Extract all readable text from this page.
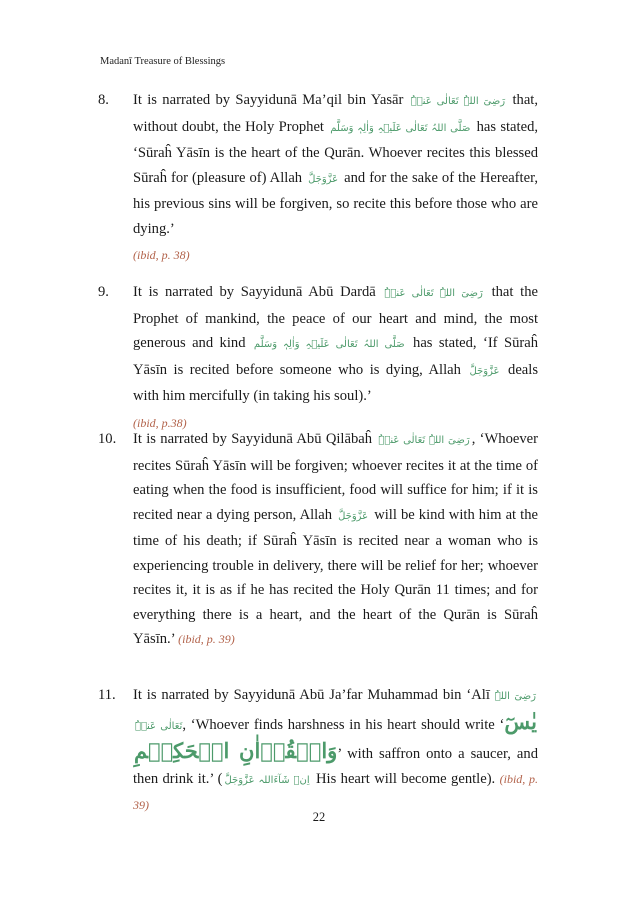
Madanī Treasure of Blessings
8. It is narrated by Sayyidunā Ma’qil bin Yasār رَضِیَ اللہُ تَعَالٰی عَنۡہُ that, without doubt, the Holy Prophet صَلَّی اللہُ تَعَالٰی عَلَیۡہِ وَاٰلِہٖ وَسَلَّم has stated, ‘Sūraĥ Yāsīn is the heart of the Qurān. Whoever recites this blessed Sūraĥ for (pleasure of) Allah عَزَّوَجَلَّ and for the sake of the Hereafter, his previous sins will be forgiven, so recite this before those who are dying.’
(ibid, p. 38)
9. It is narrated by Sayyidunā Abū Dardā رَضِیَ اللہُ تَعَالٰی عَنۡہُ that the Prophet of mankind, the peace of our heart and mind, the most generous and kind صَلَّی اللہُ تَعَالٰی عَلَیۡہِ وَاٰلِہٖ وَسَلَّم has stated, ‘If Sūraĥ Yāsīn is recited before someone who is dying, Allah عَزَّوَجَلَّ deals with him mercifully (in taking his soul).’
(ibid, p.38)
10. It is narrated by Sayyidunā Abū Qilābaĥ رَضِیَ اللہُ تَعَالٰی عَنۡہُ , ‘Whoever recites Sūraĥ Yāsīn will be forgiven; whoever recites it at the time of eating when the food is insufficient, food will suffice for him; if it is recited near a dying person, Allah عَزَّوَجَلَّ will be kind with him at the time of his death; if Sūraĥ Yāsīn is recited near a woman who is experiencing trouble in delivery, there will be relief for her; whoever recites it, it is as if he has recited the Holy Qurān 11 times; and for everything there is a heart, and the heart of the Qurān is Sūraĥ Yāsīn.’ (ibid, p. 39)
11. It is narrated by Sayyidunā Abū Ja’far Muhammad bin ‘Alī رَضِیَ اللہُ تَعَالٰی عَنۡہُ, ‘Whoever finds harshness in his heart should write ‘یٰسٓ وَالۡقُرۡاٰنِ الۡحَکِیۡمِ’ with saffron onto a saucer, and then drink it.’ ( اِنۡ شَآءَاللہ عَزَّوَجَلَّ His heart will become gentle). (ibid, p. 39)
22
